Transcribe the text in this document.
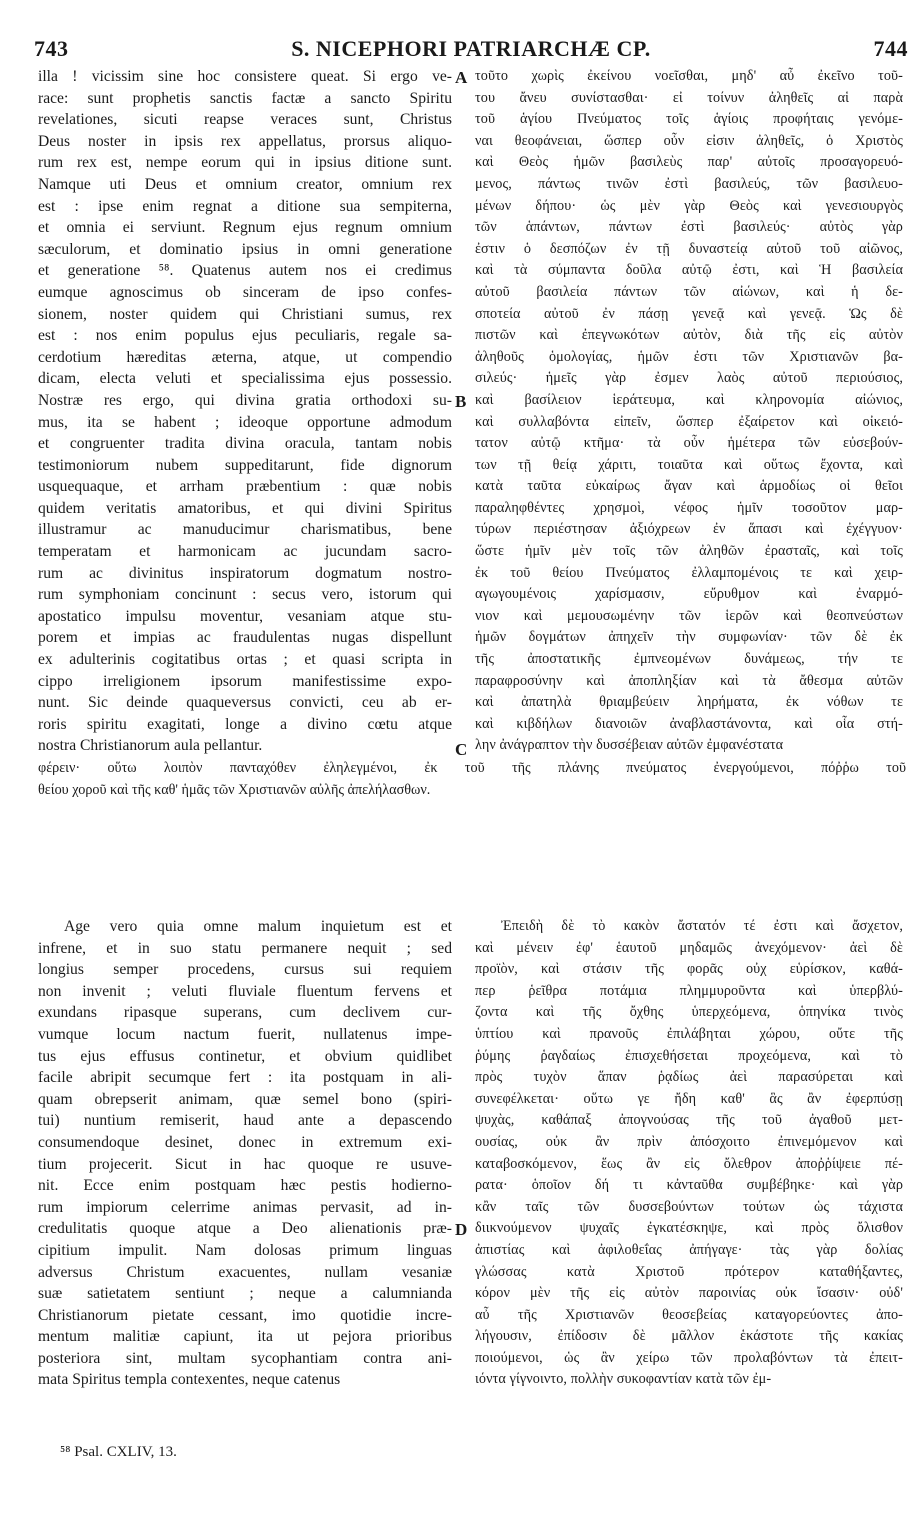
743	S. NICEPHORI PATRIARCHÆ CP.	744
A
B
C
D
illa ! vicissim sine hoc consistere queat. Si ergo ve-
race: sunt prophetis sanctis factæ a sancto Spiritu
revelationes, sicuti reapse veraces sunt, Christus
Deus noster in ipsis rex appellatus, prorsus aliquo-
rum rex est, nempe eorum qui in ipsius ditione sunt.
Namque uti Deus et omnium creator, omnium rex
est : ipse enim regnat a ditione sua sempiterna,
et omnia ei serviunt. Regnum ejus regnum omnium
sæculorum, et dominatio ipsius in omni generatione
et generatione ⁵⁸. Quatenus autem nos ei credimus
eumque agnoscimus ob sinceram de ipso confes-
sionem, noster quidem qui Christiani sumus, rex
est : nos enim populus ejus peculiaris, regale sa-
cerdotium hæreditas æterna, atque, ut compendio
dicam, electa veluti et specialissima ejus possessio.
Nostræ res ergo, qui divina gratia orthodoxi su-
mus, ita se habent ; ideoque opportune admodum
et congruenter tradita divina oracula, tantam nobis
testimoniorum nubem suppeditarunt, fide dignorum
usquequaque, et arrham præbentium : quæ nobis
quidem veritatis amatoribus, et qui divini Spiritus
illustramur ac manuducimur charismatibus, bene
temperatam et harmonicam ac jucundam sacro-
rum ac divinitus inspiratorum dogmatum nostro-
rum symphoniam concinunt : secus vero, istorum qui
apostatico impulsu moventur, vesaniam atque stu-
porem et impias ac fraudulentas nugas dispellunt
ex adulterinis cogitatibus ortas ; et quasi scripta in
cippo irreligionem ipsorum manifestissime expo-
nunt. Sic deinde quaqueversus convicti, ceu ab er-
roris spiritu exagitati, longe a divino cœtu atque
nostra Christianorum aula pellantur.
τοῦτο χωρὶς ἐκείνου νοεῖσθαι, μηδ' αὖ ἐκεῖνο τοῦ-
του ἄνευ συνίστασθαι· εἰ τοίνυν ἀληθεῖς αἱ παρὰ
τοῦ ἁγίου Πνεύματος τοῖς ἁγίοις προφήταις γενόμε-
ναι θεοφάνειαι, ὥσπερ οὖν εἰσιν ἀληθεῖς, ὁ Χριστὸς
καὶ Θεὸς ἡμῶν βασιλεὺς παρ' αὐτοῖς προσαγορευό-
μενος, πάντως τινῶν ἐστὶ βασιλεύς, τῶν βασιλευο-
μένων δήπου· ὡς μὲν γὰρ Θεὸς καὶ γενεσιουργὸς
τῶν ἁπάντων, πάντων ἐστὶ βασιλεύς· αὐτὸς γὰρ
ἐστιν ὁ δεσπόζων ἐν τῇ δυναστείᾳ αὐτοῦ τοῦ αἰῶνος,
καὶ τὰ σύμπαντα δοῦλα αὐτῷ ἐστι, καὶ Ἡ βασιλεία
αὐτοῦ βασιλεία πάντων τῶν αἰώνων, καὶ ἡ δε-
σποτεία αὐτοῦ ἐν πάσῃ γενεᾷ καὶ γενεᾷ. Ὡς δὲ
πιστῶν καὶ ἐπεγνωκότων αὐτὸν, διὰ τῆς εἰς αὐτὸν
ἀληθοῦς ὁμολογίας, ἡμῶν ἐστι τῶν Χριστιανῶν βα-
σιλεύς· ἡμεῖς γὰρ ἐσμεν λαὸς αὐτοῦ περιούσιος,
καὶ βασίλειον ἱεράτευμα, καὶ κληρονομία αἰώνιος,
καὶ συλλαβόντα εἰπεῖν, ὥσπερ ἐξαίρετον καὶ οἰκειό-
τατον αὐτῷ κτῆμα· τὰ οὖν ἡμέτερα τῶν εὐσεβούν-
των τῇ θείᾳ χάριτι, τοιαῦτα καὶ οὕτως ἔχοντα, καὶ
κατὰ ταῦτα εὐκαίρως ἄγαν καὶ ἁρμοδίως οἱ θεῖοι
παραληφθέντες χρησμοὶ, νέφος ἡμῖν τοσοῦτον μαρ-
τύρων περιέστησαν ἀξιόχρεων ἐν ἅπασι καὶ ἐχέγγυον·
ὥστε ἡμῖν μὲν τοῖς τῶν ἀληθῶν ἐρασταῖς, καὶ τοῖς
ἐκ τοῦ θείου Πνεύματος ἐλλαμπομένοις τε καὶ χειρ-
αγωγουμένοις χαρίσμασιν, εὔρυθμον καὶ ἐναρμό-
νιον καὶ μεμουσωμένην τῶν ἱερῶν καὶ θεοπνεύστων
ἡμῶν δογμάτων ἀπηχεῖν τὴν συμφωνίαν· τῶν δὲ ἐκ
τῆς ἀποστατικῆς ἐμπνεομένων δυνάμεως, τήν τε
παραφροσύνην καὶ ἀποπληξίαν καὶ τὰ ἄθεσμα αὐτῶν
καὶ ἀπατηλὰ θριαμβεύειν ληρήματα, ἐκ νόθων τε
καὶ κιβδήλων διανοιῶν ἀναβλαστάνοντα, καὶ οἷα στή-
λην ἀνάγραπτον τὴν δυσσέβειαν αὐτῶν ἐμφανέστατα
φέρειν· οὕτω λοιπὸν πανταχόθεν ἐληλεγμένοι, ἐκ τοῦ τῆς πλάνης πνεύματος ἐνεργούμενοι, πόῤῥω τοῦ
θείου χοροῦ καὶ τῆς καθ' ἡμᾶς τῶν Χριστιανῶν αὐλῆς ἀπελήλασθων.
Age vero quia omne malum inquietum est et
infrene, et in suo statu permanere nequit ; sed
longius semper procedens, cursus sui requiem
non invenit ; veluti fluviale fluentum fervens et
exundans ripasque superans, cum declivem cur-
vumque locum nactum fuerit, nullatenus impe-
tus ejus effusus continetur, et obvium quidlibet
facile abripit secumque fert : ita postquam in ali-
quam obrepserit animam, quæ semel bono (spiri-
tui) nuntium remiserit, haud ante a depascendo
consumendoque desinet, donec in extremum exi-
tium projecerit. Sicut in hac quoque re usuve-
nit. Ecce enim postquam hæc pestis hodierno-
rum impiorum celerrime animas pervasit, ad in-
credulitatis quoque atque a Deo alienationis præ-
cipitium impulit. Nam dolosas primum linguas
adversus Christum exacuentes, nullam vesaniæ
suæ satietatem sentiunt ; neque a calumnianda
Christianorum pietate cessant, imo quotidie incre-
mentum malitiæ capiunt, ita ut pejora prioribus
posteriora sint, multam sycophantiam contra ani-
mata Spiritus templa contexentes, neque catenus
Ἐπειδὴ δὲ τὸ κακὸν ἄστατόν τέ ἐστι καὶ ἄσχετον,
καὶ μένειν ἐφ' ἑαυτοῦ μηδαμῶς ἀνεχόμενον· ἀεὶ δὲ
προϊὸν, καὶ στάσιν τῆς φορᾶς οὐχ εὑρίσκον, καθά-
περ ῥεῖθρα ποτάμια πλημμυροῦντα καὶ ὑπερβλύ-
ζοντα καὶ τῆς ὄχθης ὑπερχεόμενα, ὁπηνίκα τινὸς
ὑπτίου καὶ πρανοῦς ἐπιλάβηται χώρου, οὔτε τῆς
ῥύμης ῥαγδαίως ἐπισχεθήσεται προχεόμενα, καὶ τὸ
πρὸς τυχὸν ἅπαν ῥᾳδίως ἀεὶ παρασύρεται καὶ
συνεφέλκεται· οὕτω γε ἤδη καθ' ἃς ἂν ἐφερπύσῃ
ψυχὰς, καθάπαξ ἀπογνούσας τῆς τοῦ ἀγαθοῦ μετ-
ουσίας, οὐκ ἂν πρὶν ἀπόσχοιτο ἐπινεμόμενον καὶ
καταβοσκόμενον, ἕως ἂν εἰς ὄλεθρον ἀποῤῥίψειε πέ-
ρατα· ὁποῖον δή τι κἀνταῦθα συμβέβηκε· καὶ γὰρ
κἂν ταῖς τῶν δυσσεβούντων τούτων ὡς τάχιστα
διικνούμενον ψυχαῖς ἐγκατέσκηψε, καὶ πρὸς ὄλισθον
ἀπιστίας καὶ ἀφιλοθεΐας ἀπήγαγε· τὰς γὰρ δολίας
γλώσσας κατὰ Χριστοῦ πρότερον καταθήξαντες,
κόρον μὲν τῆς εἰς αὐτὸν παροινίας οὐκ ἴσασιν· οὐδ'
αὖ τῆς Χριστιανῶν θεοσεβείας καταγορεύοντες ἀπο-
λήγουσιν, ἐπίδοσιν δὲ μᾶλλον ἑκάστοτε τῆς κακίας
ποιούμενοι, ὡς ἂν χείρω τῶν προλαβόντων τὰ ἐπειτ-
ιόντα γίγνοιντο, πολλὴν συκοφαντίαν κατὰ τῶν ἐμ-
⁵⁸ Psal. CXLIV, 13.
